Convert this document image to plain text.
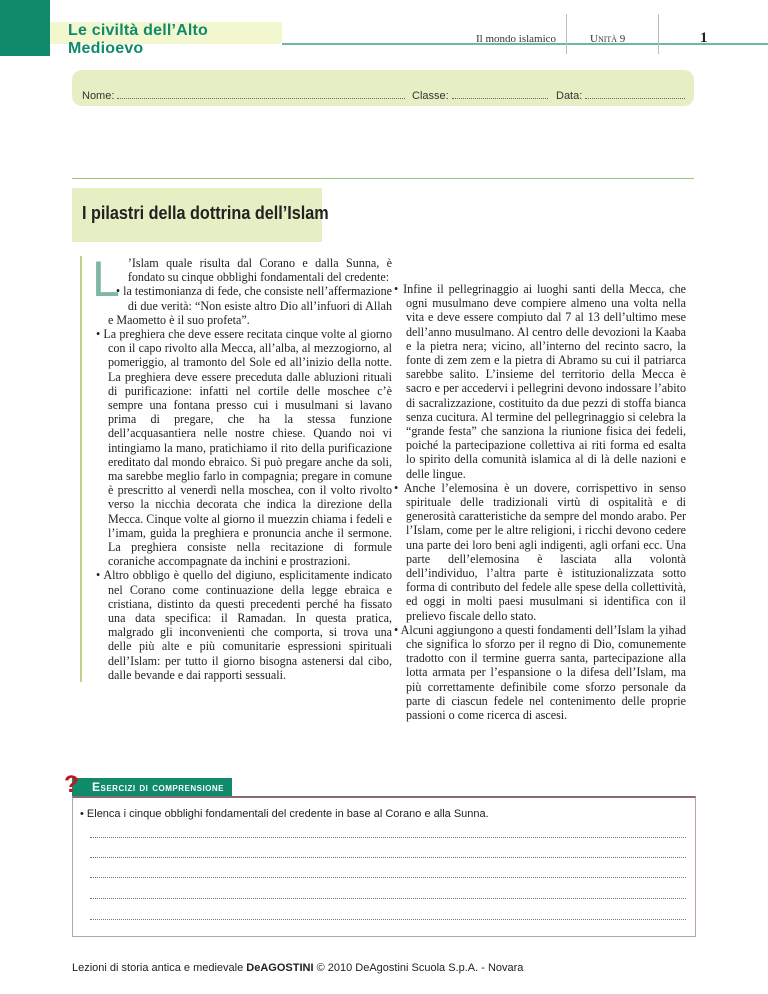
Le civiltà dell’Alto Medioevo
Il mondo islamico	Unità 9	1
Nome:	Classe:	Data:
I pilastri della dottrina dell’Islam
L ’Islam quale risulta dal Corano e dalla Sunna, è fondato su cinque obblighi fondamentali del credente:

• la testimonianza di fede, che consiste nell’affermazione di due verità: “Non esiste altro Dio all’infuori di Allah e Maometto è il suo profeta”.

• La preghiera che deve essere recitata cinque volte al giorno con il capo rivolto alla Mecca, all’alba, al mezzogiorno, al pomeriggio, al tramonto del Sole ed all’inizio della notte. La preghiera deve essere preceduta dalle abluzioni rituali di purificazione: infatti nel cortile delle moschee c’è sempre una fontana presso cui i musulmani si lavano prima di pregare, che ha la stessa funzione dell’acquasantiera nelle nostre chiese. Quando noi vi intingiamo la mano, pratichiamo il rito della purificazione ereditato dal mondo ebraico. Si può pregare anche da soli, ma sarebbe meglio farlo in compagnia; pregare in comune è prescritto al venerdì nella moschea, con il volto rivolto verso la nicchia decorata che indica la direzione della Mecca. Cinque volte al giorno il muezzin chiama i fedeli e l’imam, guida la preghiera e pronuncia anche il sermone. La preghiera consiste nella recitazione di formule coraniche accompagnate da inchini e prostrazioni.

• Altro obbligo è quello del digiuno, esplicitamente indicato nel Corano come continuazione della legge ebraica e cristiana, distinto da questi precedenti perché ha fissato una data specifica: il Ramadan. In questa pratica, malgrado gli inconvenienti che comporta, si trova una delle più alte e più comunitarie espressioni spirituali dell’Islam: per tutto il giorno bisogna astenersi dal cibo, dalle bevande e dai rapporti sessuali.

• Infine il pellegrinaggio ai luoghi santi della Mecca, che ogni musulmano deve compiere almeno una volta nella vita e deve essere compiuto dal 7 al 13 dell’ultimo mese dell’anno musulmano. Al centro delle devozioni la Kaaba e la pietra nera; vicino, all’interno del recinto sacro, la fonte di zem zem e la pietra di Abramo su cui il patriarca sarebbe salito. L’insieme del territorio della Mecca è sacro e per accedervi i pellegrini devono indossare l’abito di sacralizzazione, costituito da due pezzi di stoffa bianca senza cucitura. Al termine del pellegrinaggio si celebra la “grande festa” che sanziona la riunione fisica dei fedeli, poiché la partecipazione collettiva ai riti forma ed esalta lo spirito della comunità islamica al di là delle nazioni e delle lingue.

• Anche l’elemosina è un dovere, corrispettivo in senso spirituale delle tradizionali virtù di ospitalità e di generosità caratteristiche da sempre del mondo arabo. Per l’Islam, come per le altre religioni, i ricchi devono cedere una parte dei loro beni agli indigenti, agli orfani ecc. Una parte dell’elemosina è lasciata alla volontà dell’individuo, l’altra parte è istituzionalizzata sotto forma di contributo del fedele alle spese della collettività, ed oggi in molti paesi musulmani si identifica con il prelievo fiscale dello stato.

• Alcuni aggiungono a questi fondamenti dell’Islam la yihad che significa lo sforzo per il regno di Dio, comunemente tradotto con il termine guerra santa, partecipazione alla lotta armata per l’espansione o la difesa dell’Islam, ma più correttamente definibile come sforzo personale da parte di ciascun fedele nel contenimento delle proprie passioni o come ricerca di ascesi.

Esercizi di comprensione
?
• Elenca i cinque obblighi fondamentali del credente in base al Corano e alla Sunna.
Lezioni di storia antica e medievale DeAGOSTINI © 2010 DeAgostini Scuola S.p.A. - Novara
